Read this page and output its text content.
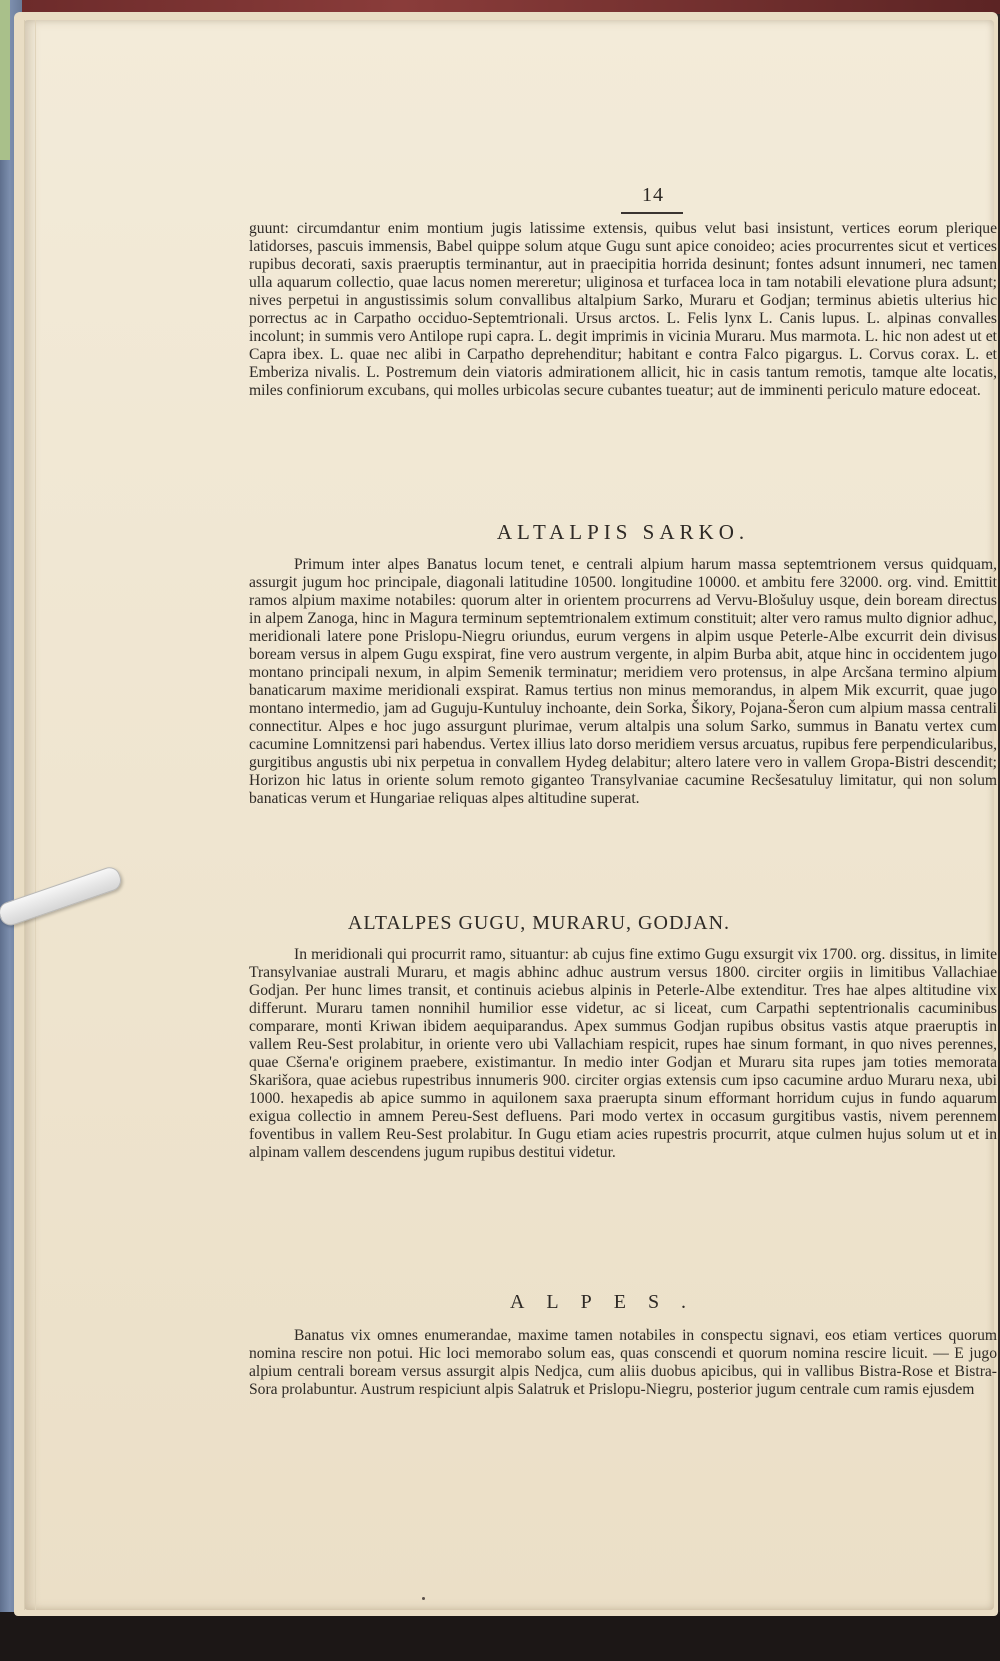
14

guunt: circumdantur enim montium jugis latissime extensis, quibus velut basi insistunt, vertices eorum plerique latidorses, pascuis immensis, Babel quippe solum atque Gugu sunt apice conoideo; acies procurrentes sicut et vertices rupibus decorati, saxis praeruptis terminantur, aut in praecipitia horrida desinunt; fontes adsunt innumeri, nec tamen ulla aquarum collectio, quae lacus nomen mereretur; uliginosa et turfacea loca in tam notabili elevatione plura adsunt; nives perpetui in angustissimis solum convallibus altalpium Sarko, Muraru et Godjan; terminus abietis ulterius hic porrectus ac in Carpatho occiduo-Septemtrionali. Ursus arctos. L. Felis lynx L. Canis lupus. L. alpinas convalles incolunt; in summis vero Antilope rupi capra. L. degit imprimis in vicinia Muraru. Mus marmota. L. hic non adest ut et Capra ibex. L. quae nec alibi in Carpatho deprehenditur; habitant e contra Falco pigargus. L. Corvus corax. L. et Emberiza nivalis. L. Postremum dein viatoris admirationem allicit, hic in casis tantum remotis, tamque alte locatis, miles confiniorum excubans, qui molles urbicolas secure cubantes tueatur; aut de imminenti periculo mature edoceat.

ALTALPIS SARKO.

Primum inter alpes Banatus locum tenet, e centrali alpium harum massa septemtrionem versus quidquam, assurgit jugum hoc principale, diagonali latitudine 10500. longitudine 10000. et ambitu fere 32000. org. vind. Emittit ramos alpium maxime notabiles: quorum alter in orientem procurrens ad Vervu-Blošuluy usque, dein boream directus in alpem Zanoga, hinc in Magura terminum septemtrionalem extimum constituit; alter vero ramus multo dignior adhuc, meridionali latere pone Prislopu-Niegru oriundus, eurum vergens in alpim usque Peterle-Albe excurrit dein divisus boream versus in alpem Gugu exspirat, fine vero austrum vergente, in alpim Burba abit, atque hinc in occidentem jugo montano principali nexum, in alpim Semenik terminatur; meridiem vero protensus, in alpe Arcšana termino alpium banaticarum maxime meridionali exspirat. Ramus tertius non minus memorandus, in alpem Mik excurrit, quae jugo montano intermedio, jam ad Guguju-Kuntuluy inchoante, dein Sorka, Šikory, Pojana-Šeron cum alpium massa centrali connectitur. Alpes e hoc jugo assurgunt plurimae, verum altalpis una solum Sarko, summus in Banatu vertex cum cacumine Lomnitzensi pari habendus. Vertex illius lato dorso meridiem versus arcuatus, rupibus fere perpendicularibus, gurgitibus angustis ubi nix perpetua in convallem Hydeg delabitur; altero latere vero in vallem Gropa-Bistri descendit; Horizon hic latus in oriente solum remoto giganteo Transylvaniae cacumine Recšesatuluy limitatur, qui non solum banaticas verum et Hungariae reliquas alpes altitudine superat.

ALTALPES GUGU, MURARU, GODJAN.

In meridionali qui procurrit ramo, situantur: ab cujus fine extimo Gugu exsurgit vix 1700. org. dissitus, in limite Transylvaniae australi Muraru, et magis abhinc adhuc austrum versus 1800. circiter orgiis in limitibus Vallachiae Godjan. Per hunc limes transit, et continuis aciebus alpinis in Peterle-Albe extenditur. Tres hae alpes altitudine vix differunt. Muraru tamen nonnihil humilior esse videtur, ac si liceat, cum Carpathi septentrionalis cacuminibus comparare, monti Kriwan ibidem aequiparandus. Apex summus Godjan rupibus obsitus vastis atque praeruptis in vallem Reu-Sest prolabitur, in oriente vero ubi Vallachiam respicit, rupes hae sinum formant, in quo nives perennes, quae Cšerna'e originem praebere, existimantur. In medio inter Godjan et Muraru sita rupes jam toties memorata Skarišora, quae aciebus rupestribus innumeris 900. circiter orgias extensis cum ipso cacumine arduo Muraru nexa, ubi 1000. hexapedis ab apice summo in aquilonem saxa praerupta sinum efformant horridum cujus in fundo aquarum exigua collectio in amnem Pereu-Sest defluens. Pari modo vertex in occasum gurgitibus vastis, nivem perennem foventibus in vallem Reu-Sest prolabitur. In Gugu etiam acies rupestris procurrit, atque culmen hujus solum ut et in alpinam vallem descendens jugum rupibus destitui videtur.

ALPES.

Banatus vix omnes enumerandae, maxime tamen notabiles in conspectu signavi, eos etiam vertices quorum nomina rescire non potui. Hic loci memorabo solum eas, quas conscendi et quorum nomina rescire licuit. — E jugo alpium centrali boream versus assurgit alpis Nedjca, cum aliis duobus apicibus, qui in vallibus Bistra-Rose et Bistra-Sora prolabuntur. Austrum respiciunt alpis Salatruk et Prislopu-Niegru, posterior jugum centrale cum ramis ejusdem
